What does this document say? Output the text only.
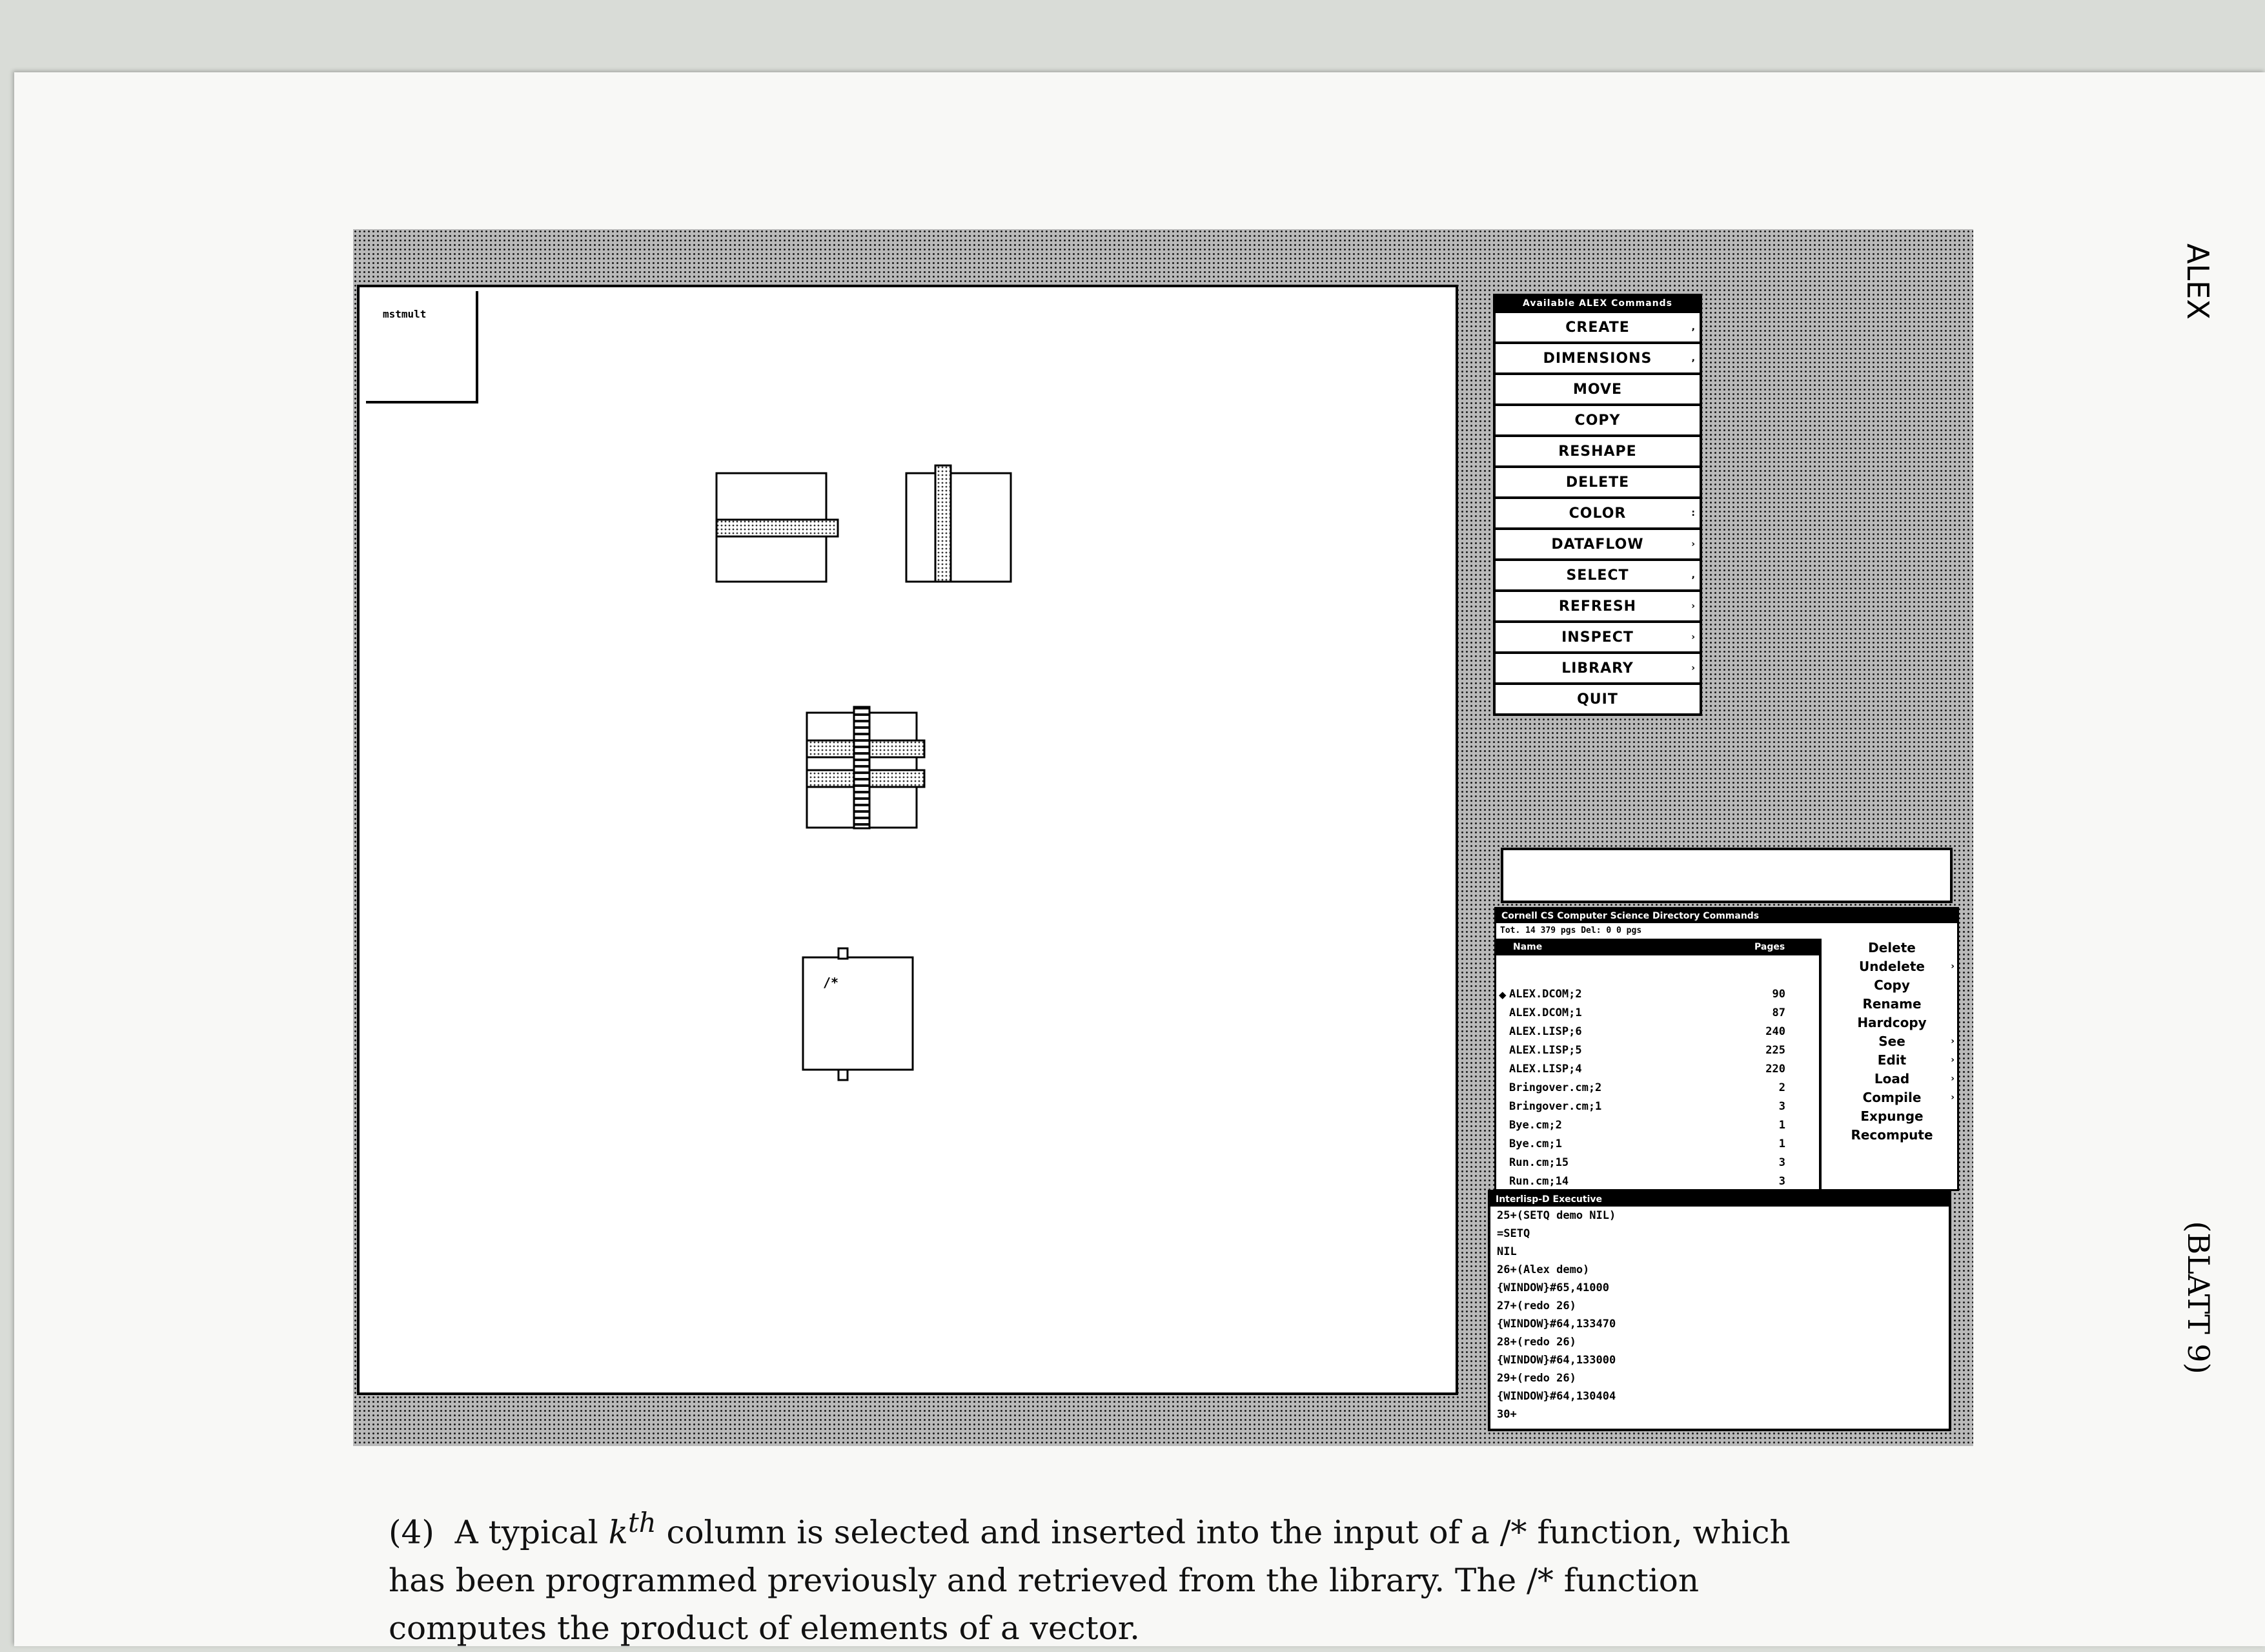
mstmult
/*
Available ALEX Commands
CREATE	,
DIMENSIONS	,
MOVE
COPY
RESHAPE
DELETE
COLOR	:
DATAFLOW	›
SELECT	,
REFRESH	›
INSPECT	›
LIBRARY	›
QUIT
Cornell CS Computer Science Directory Commands
Tot. 14 379 pgs Del: 0 0 pgs
Name	Pages
◆ ALEX.DCOM;2	90
ALEX.DCOM;1	87
ALEX.LISP;6	240
ALEX.LISP;5	225
ALEX.LISP;4	220
Bringover.cm;2	2
Bringover.cm;1	3
Bye.cm;2	1
Bye.cm;1	1
Run.cm;15	3
Run.cm;14	3
Delete
Undelete	›
Copy
Rename
Hardcopy
See	›
Edit	›
Load	›
Compile	›
Expunge
Recompute
Interlisp-D Executive
25+(SETQ demo NIL)
=SETQ
NIL
26+(Alex demo)
{WINDOW}#65,41000
27+(redo 26)
{WINDOW}#64,133470
28+(redo 26)
{WINDOW}#64,133000
29+(redo 26)
{WINDOW}#64,130404
30+
(4) A typical $k^{th}$ column is selected and inserted into the input of a /* function, which has been programmed previously and retrieved from the library. The /* function computes the product of elements of a vector.
ALEX
(BLATT 9)
